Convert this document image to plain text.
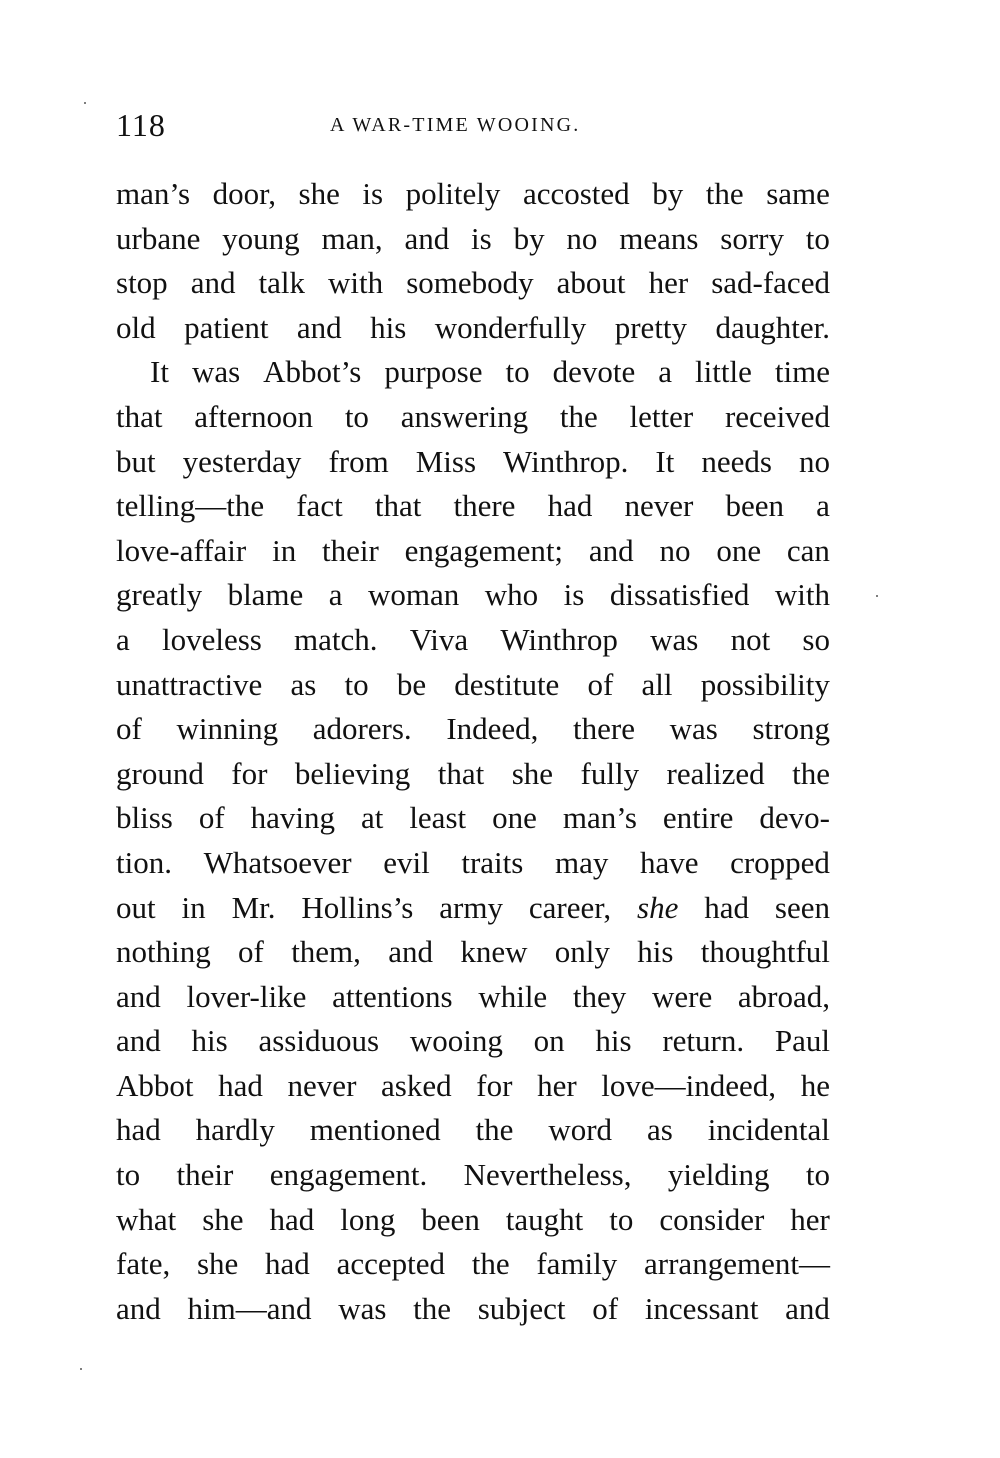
118	A WAR-TIME WOOING.
man’s door, she is politely accosted by the same
urbane young man, and is by no means sorry to
stop and talk with somebody about her sad-faced
old patient and his wonderfully pretty daughter.
It was Abbot’s purpose to devote a little time
that afternoon to answering the letter received
but yesterday from Miss Winthrop. It needs no
telling—the fact that there had never been a
love-affair in their engagement; and no one can
greatly blame a woman who is dissatisfied with
a loveless match. Viva Winthrop was not so
unattractive as to be destitute of all possibility
of winning adorers. Indeed, there was strong
ground for believing that she fully realized the
bliss of having at least one man’s entire devo-
tion. Whatsoever evil traits may have cropped
out in Mr. Hollins’s army career, she had seen
nothing of them, and knew only his thoughtful
and lover-like attentions while they were abroad,
and his assiduous wooing on his return. Paul
Abbot had never asked for her love—indeed, he
had hardly mentioned the word as incidental
to their engagement. Nevertheless, yielding to
what she had long been taught to consider her
fate, she had accepted the family arrangement—
and him—and was the subject of incessant and
